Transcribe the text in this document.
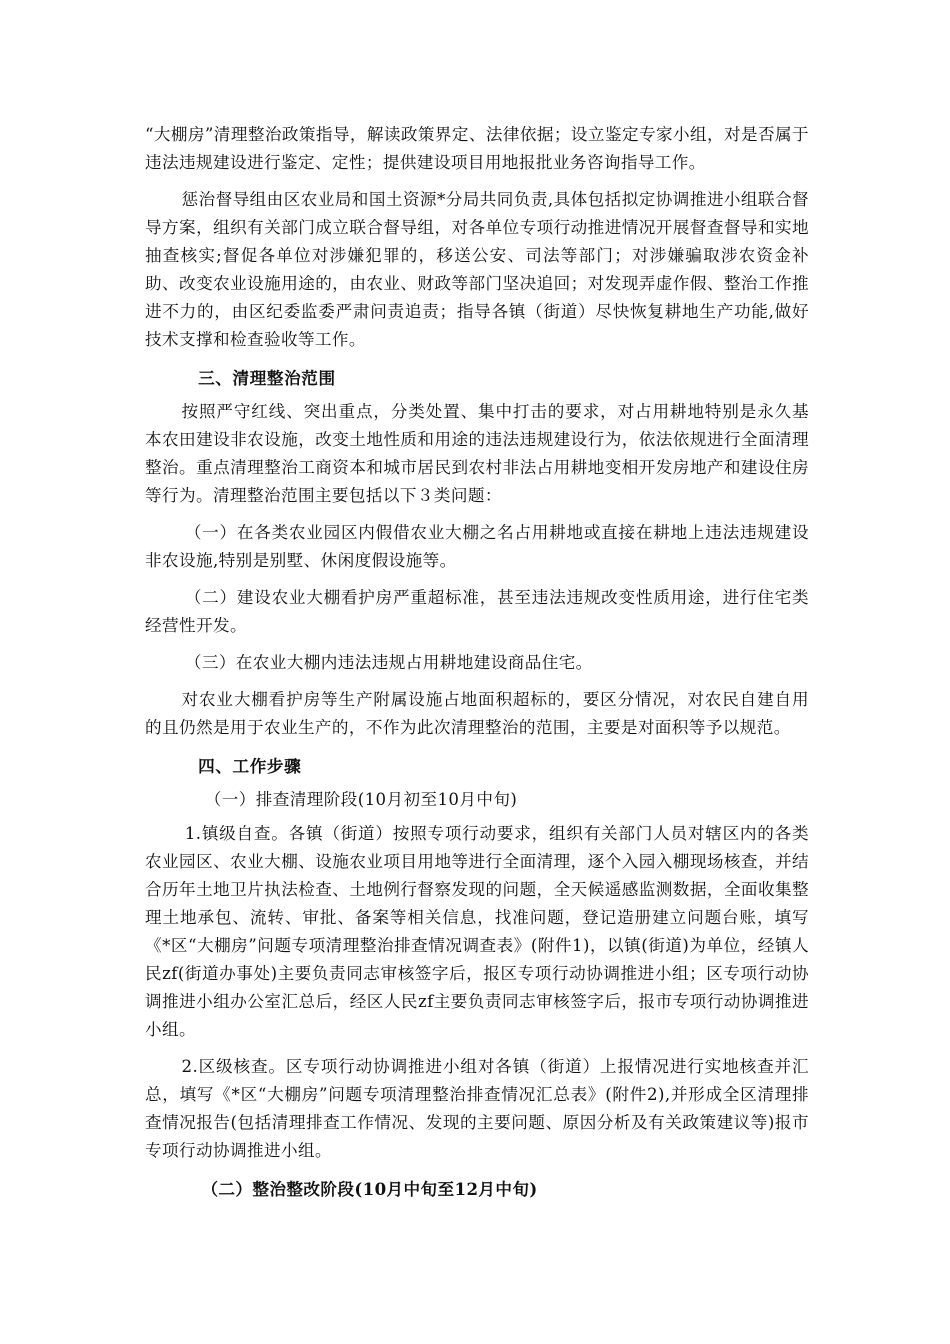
“大棚房”清理整治政策指导，解读政策界定、法律依据；设立鉴定专家小组，对是否属于违法违规建设进行鉴定、定性；提供建设项目用地报批业务咨询指导工作。

惩治督导组由区农业局和国土资源*分局共同负责,具体包括拟定协调推进小组联合督导方案，组织有关部门成立联合督导组，对各单位专项行动推进情况开展督查督导和实地抽查核实;督促各单位对涉嫌犯罪的，移送公安、司法等部门；对涉嫌骗取涉农资金补助、改变农业设施用途的，由农业、财政等部门坚决追回；对发现弄虚作假、整治工作推进不力的，由区纪委监委严肃问责追责；指导各镇（街道）尽快恢复耕地生产功能,做好技术支撑和检查验收等工作。

三、清理整治范围

按照严守红线、突出重点，分类处置、集中打击的要求，对占用耕地特别是永久基本农田建设非农设施，改变土地性质和用途的违法违规建设行为，依法依规进行全面清理整治。重点清理整治工商资本和城市居民到农村非法占用耕地变相开发房地产和建设住房等行为。清理整治范围主要包括以下３类问题：

（一）在各类农业园区内假借农业大棚之名占用耕地或直接在耕地上违法违规建设非农设施,特别是别墅、休闲度假设施等。

（二）建设农业大棚看护房严重超标准，甚至违法违规改变性质用途，进行住宅类经营性开发。

（三）在农业大棚内违法违规占用耕地建设商品住宅。

对农业大棚看护房等生产附属设施占地面积超标的，要区分情况，对农民自建自用的且仍然是用于农业生产的，不作为此次清理整治的范围，主要是对面积等予以规范。

四、工作步骤

（一）排查清理阶段(10月初至10月中旬)

1.镇级自查。各镇（街道）按照专项行动要求，组织有关部门人员对辖区内的各类农业园区、农业大棚、设施农业项目用地等进行全面清理，逐个入园入棚现场核查，并结合历年土地卫片执法检查、土地例行督察发现的问题，全天候遥感监测数据，全面收集整理土地承包、流转、审批、备案等相关信息，找准问题，登记造册建立问题台账，填写《*区“大棚房”问题专项清理整治排查情况调查表》(附件1)，以镇(街道)为单位，经镇人民zf(街道办事处)主要负责同志审核签字后，报区专项行动协调推进小组；区专项行动协调推进小组办公室汇总后，经区人民zf主要负责同志审核签字后，报市专项行动协调推进小组。

2.区级核查。区专项行动协调推进小组对各镇（街道）上报情况进行实地核查并汇总，填写《*区“大棚房”问题专项清理整治排查情况汇总表》(附件2),并形成全区清理排查情况报告(包括清理排查工作情况、发现的主要问题、原因分析及有关政策建议等)报市专项行动协调推进小组。

（二）整治整改阶段(10月中旬至12月中旬)
